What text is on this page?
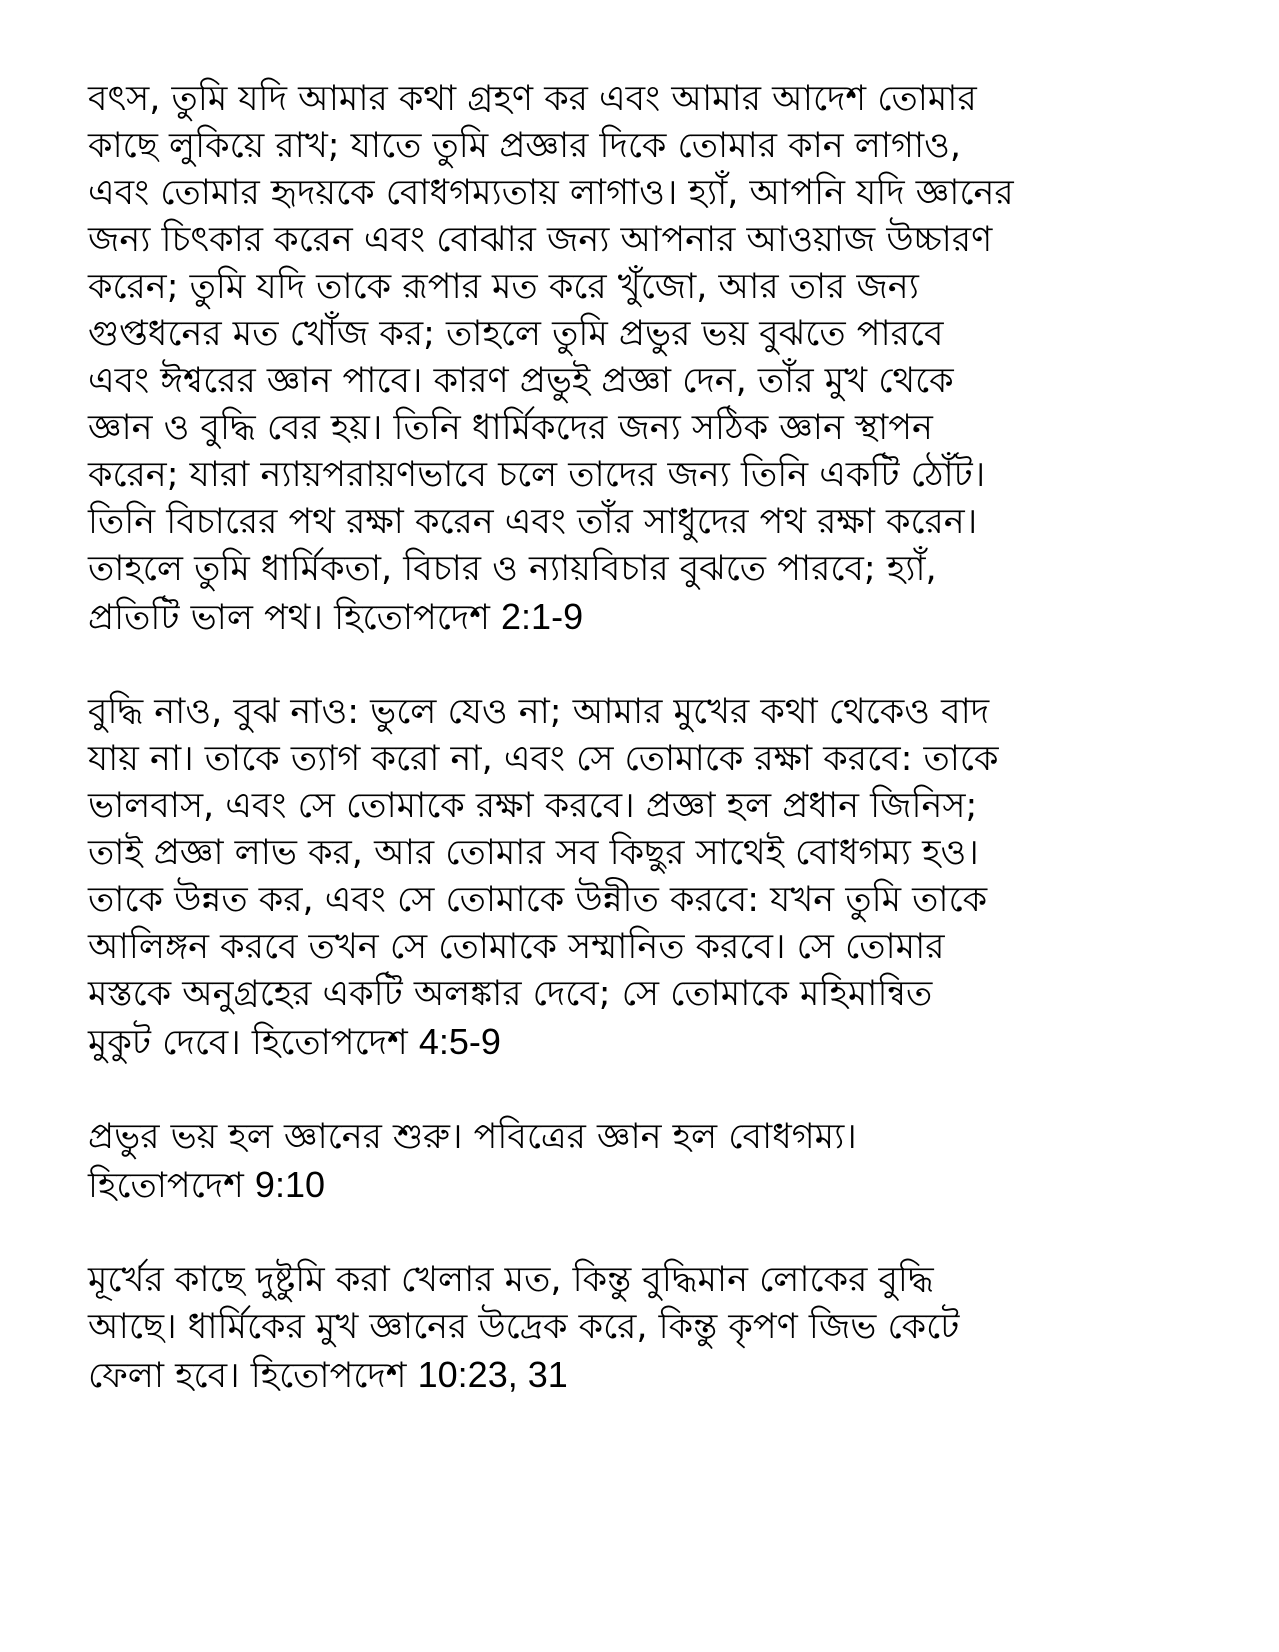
বৎস, তুমি যদি আমার কথা গ্রহণ কর এবং আমার আদেশ তোমার
কাছে লুকিয়ে রাখ; যাতে তুমি প্রজ্ঞার দিকে তোমার কান লাগাও,
এবং তোমার হৃদয়কে বোধগম্যতায় লাগাও। হ্যাঁ, আপনি যদি জ্ঞানের
জন্য চিৎকার করেন এবং বোঝার জন্য আপনার আওয়াজ উচ্চারণ
করেন; তুমি যদি তাকে রূপার মত করে খুঁজো, আর তার জন্য
গুপ্তধনের মত খোঁজ কর; তাহলে তুমি প্রভুর ভয় বুঝতে পারবে
এবং ঈশ্বরের জ্ঞান পাবে। কারণ প্রভুই প্রজ্ঞা দেন, তাঁর মুখ থেকে
জ্ঞান ও বুদ্ধি বের হয়। তিনি ধার্মিকদের জন্য সঠিক জ্ঞান স্থাপন
করেন; যারা ন্যায়পরায়ণভাবে চলে তাদের জন্য তিনি একটি ঠোঁট।
তিনি বিচারের পথ রক্ষা করেন এবং তাঁর সাধুদের পথ রক্ষা করেন।
তাহলে তুমি ধার্মিকতা, বিচার ও ন্যায়বিচার বুঝতে পারবে; হ্যাঁ,
প্রতিটি ভাল পথ। হিতোপদেশ 2:1-9

বুদ্ধি নাও, বুঝ নাও: ভুলে যেও না; আমার মুখের কথা থেকেও বাদ
যায় না। তাকে ত্যাগ করো না, এবং সে তোমাকে রক্ষা করবে: তাকে
ভালবাস, এবং সে তোমাকে রক্ষা করবে। প্রজ্ঞা হল প্রধান জিনিস;
তাই প্রজ্ঞা লাভ কর, আর তোমার সব কিছুর সাথেই বোধগম্য হও।
তাকে উন্নত কর, এবং সে তোমাকে উন্নীত করবে: যখন তুমি তাকে
আলিঙ্গন করবে তখন সে তোমাকে সম্মানিত করবে। সে তোমার
মস্তকে অনুগ্রহের একটি অলঙ্কার দেবে; সে তোমাকে মহিমান্বিত
মুকুট দেবে। হিতোপদেশ 4:5-9

প্রভুর ভয় হল জ্ঞানের শুরু। পবিত্রের জ্ঞান হল বোধগম্য।
হিতোপদেশ 9:10

মূর্খের কাছে দুষ্টুমি করা খেলার মত, কিন্তু বুদ্ধিমান লোকের বুদ্ধি
আছে। ধার্মিকের মুখ জ্ঞানের উদ্রেক করে, কিন্তু কৃপণ জিভ কেটে
ফেলা হবে। হিতোপদেশ 10:23, 31
